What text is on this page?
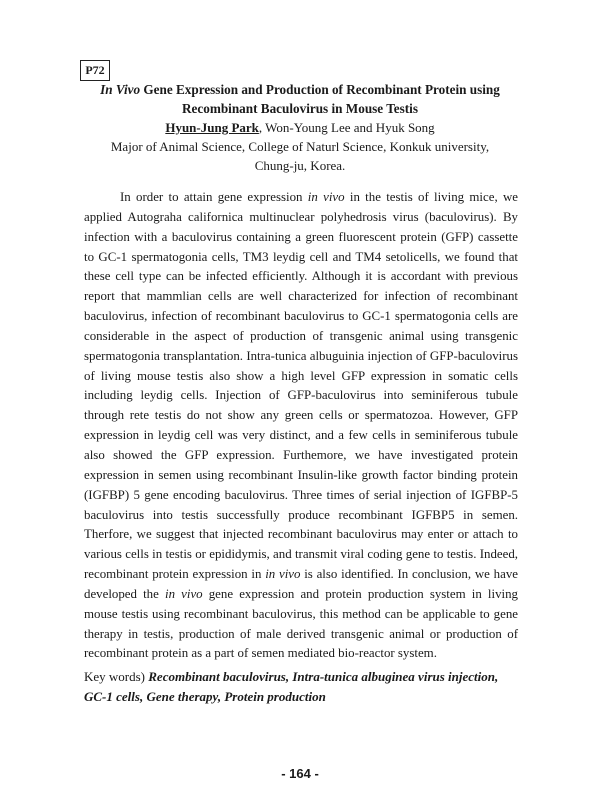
P72
In Vivo Gene Expression and Production of Recombinant Protein using
Recombinant Baculovirus in Mouse Testis
Hyun-Jung Park, Won-Young Lee and Hyuk Song
Major of Animal Science, College of Naturl Science, Konkuk university,
Chung-ju, Korea.

In order to attain gene expression in vivo in the testis of living mice, we applied Autograha californica multinuclear polyhedrosis virus (baculovirus). By infection with a baculovirus containing a green fluorescent protein (GFP) cassette to GC-1 spermatogonia cells, TM3 leydig cell and TM4 setolicells, we found that these cell type can be infected efficiently. Although it is accordant with previous report that mammlian cells are well characterized for infection of recombinant baculovirus, infection of recombinant baculovirus to GC-1 spermatogonia cells are considerable in the aspect of production of transgenic animal using transgenic spermatogonia transplantation. Intra-tunica albuguinia injection of GFP-baculovirus of living mouse testis also show a high level GFP expression in somatic cells including leydig cells. Injection of GFP-baculovirus into seminiferous tubule through rete testis do not show any green cells or spermatozoa. However, GFP expression in leydig cell was very distinct, and a few cells in seminiferous tubule also showed the GFP expression. Furthemore, we have investigated protein expression in semen using recombinant Insulin-like growth factor binding protein (IGFBP) 5 gene encoding baculovirus. Three times of serial injection of IGFBP-5 baculovirus into testis successfully produce recombinant IGFBP5 in semen. Therfore, we suggest that injected recombinant baculovirus may enter or attach to various cells in testis or epididymis, and transmit viral coding gene to testis. Indeed, recombinant protein expression in in vivo is also identified. In conclusion, we have developed the in vivo gene expression and protein production system in living mouse testis using recombinant baculovirus, this method can be applicable to gene therapy in testis, production of male derived transgenic animal or production of recombinant protein as a part of semen mediated bio-reactor system.

Key words) Recombinant baculovirus, Intra-tunica albuginea virus injection, GC-1 cells, Gene therapy, Protein production

- 164 -
